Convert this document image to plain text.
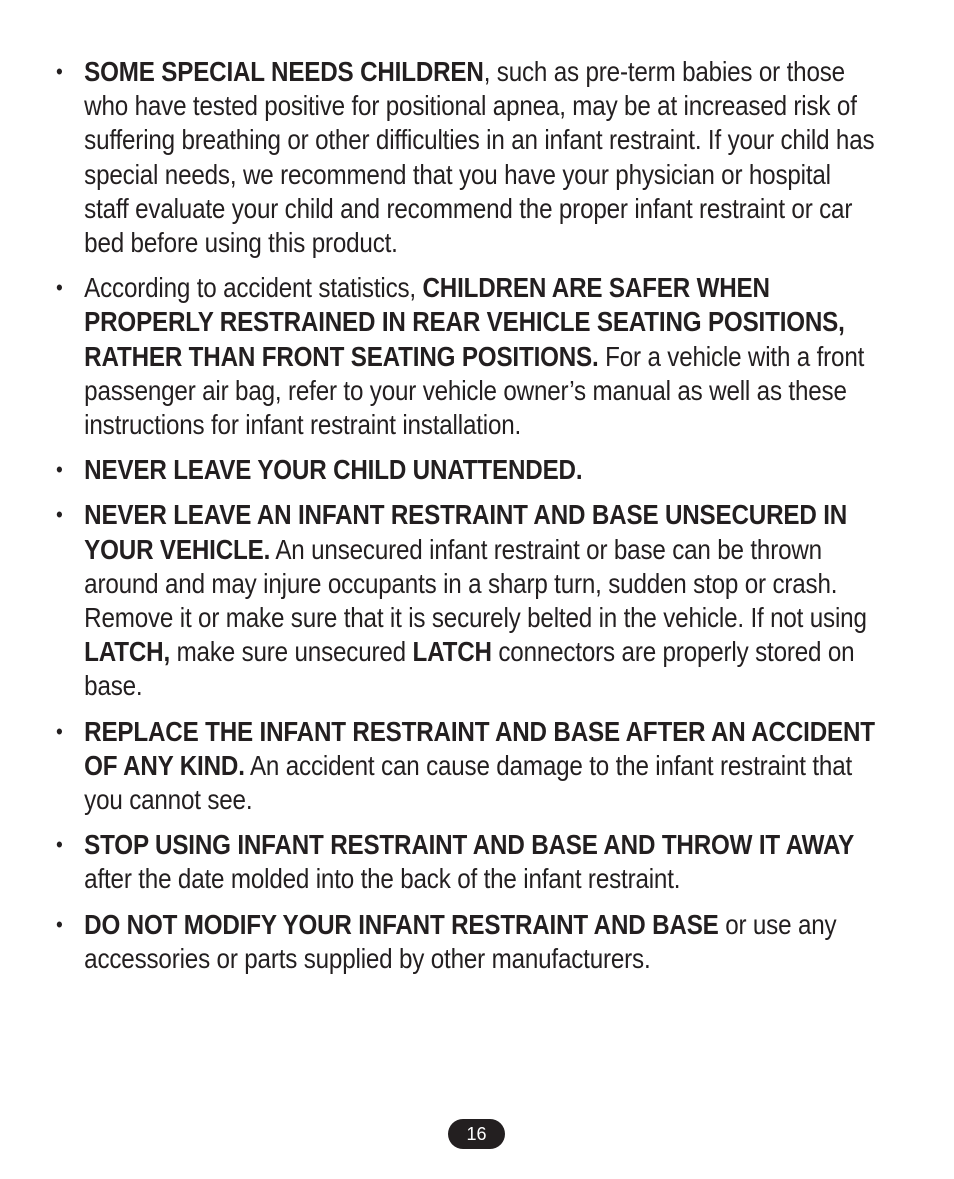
• SOME SPECIAL NEEDS CHILDREN, such as pre-term babies or those who have tested positive for positional apnea, may be at increased risk of suffering breathing or other difficulties in an infant restraint. If your child has special needs, we recommend that you have your physician or hospital staff evaluate your child and recommend the proper infant restraint or car bed before using this product.
• According to accident statistics, CHILDREN ARE SAFER WHEN PROPERLY RESTRAINED IN REAR VEHICLE SEATING POSITIONS, RATHER THAN FRONT SEATING POSITIONS. For a vehicle with a front passenger air bag, refer to your vehicle owner’s manual as well as these instructions for infant restraint installation.
• NEVER LEAVE YOUR CHILD UNATTENDED.
• NEVER LEAVE AN INFANT RESTRAINT AND BASE UNSECURED IN YOUR VEHICLE. An unsecured infant restraint or base can be thrown around and may injure occupants in a sharp turn, sudden stop or crash. Remove it or make sure that it is securely belted in the vehicle. If not using LATCH, make sure unsecured LATCH connectors are properly stored on base.
• REPLACE THE INFANT RESTRAINT AND BASE AFTER AN ACCIDENT OF ANY KIND. An accident can cause damage to the infant restraint that you cannot see.
• STOP USING INFANT RESTRAINT AND BASE AND THROW IT AWAY after the date molded into the back of the infant restraint.
• DO NOT MODIFY YOUR INFANT RESTRAINT AND BASE or use any accessories or parts supplied by other manufacturers.
16
